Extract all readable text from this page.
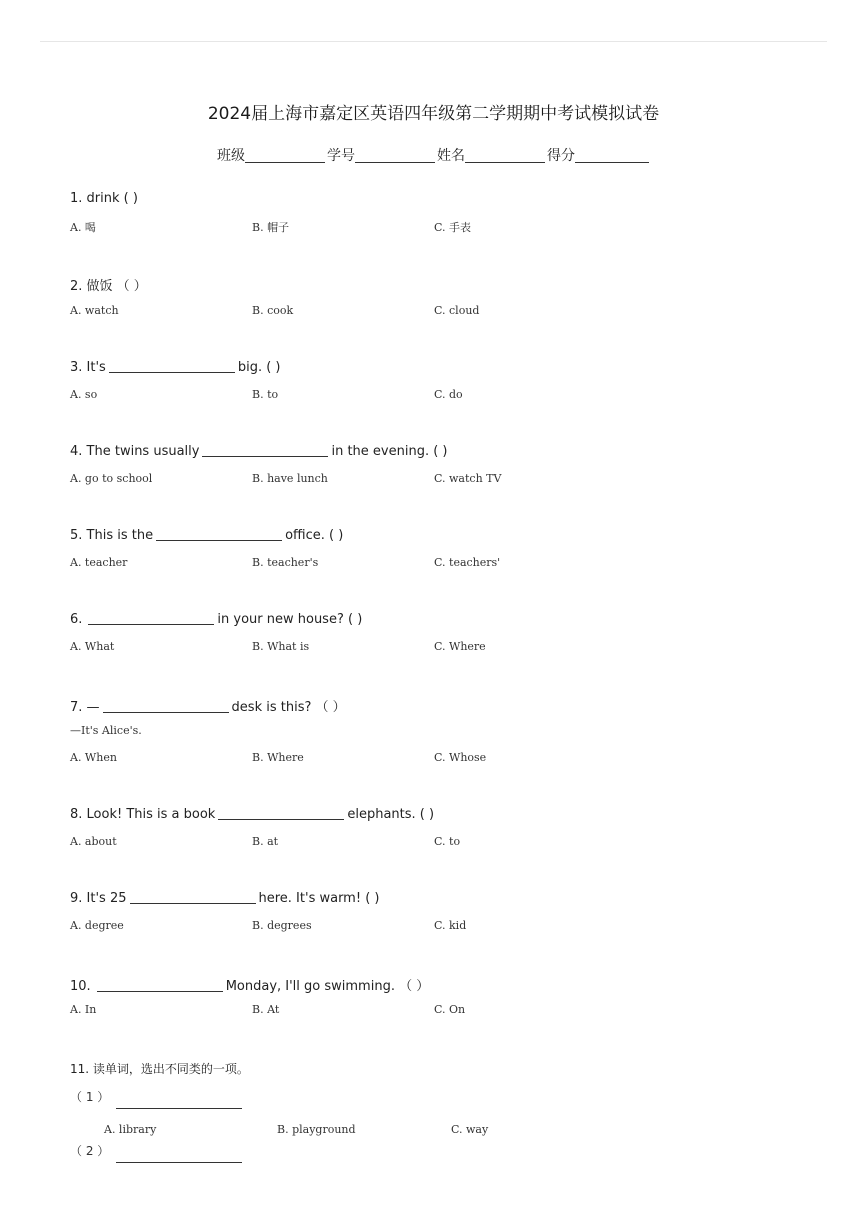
2024届上海市嘉定区英语四年级第二学期期中考试模拟试卷
班级	学号	姓名	得分
1. drink ( )
A. 喝	B. 帽子	C. 手表
2. 做饭 （ ）
A. watch	B. cook	C. cloud
3. It's	big. ( )
A. so	B. to	C. do
4. The twins usually	in the evening. ( )
A. go to school	B. have lunch	C. watch TV
5. This is the	office. ( )
A. teacher	B. teacher's	C. teachers'
6.	in your new house? ( )
A. What	B. What is	C. Where
7. —	desk is this? （ ）
—It's Alice's.
A. When	B. Where	C. Whose
8. Look! This is a book	elephants. ( )
A. about	B. at	C. to
9. It's 25	here. It's warm! ( )
A. degree	B. degrees	C. kid
10.	Monday, I'll go swimming. （ ）
A. In	B. At	C. On
11. 读单词，选出不同类的一项。
（ 1 ）
A. library	B. playground	C. way
（ 2 ）
